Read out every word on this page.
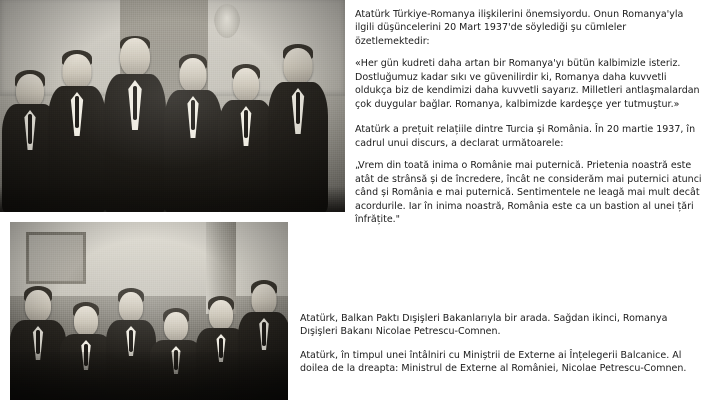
Atatürk Türkiye-Romanya ilişkilerini önemsiyordu. Onun Romanya'yla ilgili düşüncelerini 20 Mart 1937'de söylediği şu cümleler özetlemektedir:

«Her gün kudreti daha artan bir Romanya'yı bütün kalbimizle isteriz. Dostluğumuz kadar sıkı ve güvenilirdir ki, Romanya daha kuvvetli oldukça biz de kendimizi daha kuvvetli sayarız. Milletleri antlaşmalardan çok duygular bağlar. Romanya, kalbimizde kardeşçe yer tutmuştur.»

Atatürk a prețuit relațiile dintre Turcia și România. În 20 martie 1937, în cadrul unui discurs, a declarat următoarele:

„Vrem din toată inima o Românie mai puternică. Prietenia noastră este atât de strânsă și de încredere, încât ne considerăm mai puternici atunci când și România e mai puternică. Sentimentele ne leagă mai mult decât acordurile. Iar în inima noastră, România este ca un bastion al unei țări înfrățite."

Atatürk, Balkan Paktı Dışişleri Bakanlarıyla bir arada. Sağdan ikinci, Romanya Dışişleri Bakanı Nicolae Petrescu-Comnen.

Atatürk, în timpul unei întâlniri cu Miniștrii de Externe ai Înțelegerii Balcanice. Al doilea de la dreapta: Ministrul de Externe al României, Nicolae Petrescu-Comnen.
